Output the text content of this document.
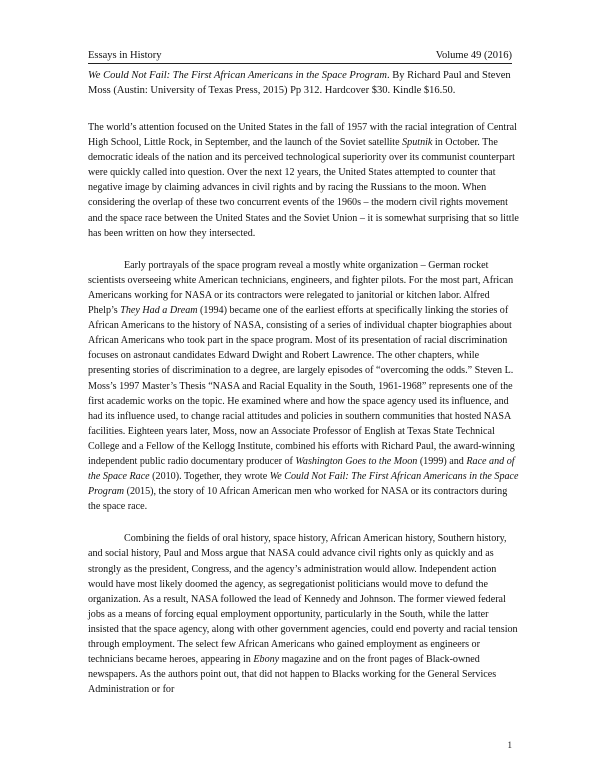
Essays in History	Volume 49 (2016)
We Could Not Fail: The First African Americans in the Space Program. By Richard Paul and Steven Moss (Austin: University of Texas Press, 2015) Pp 312. Hardcover $30. Kindle $16.50.

The world’s attention focused on the United States in the fall of 1957 with the racial integration of Central High School, Little Rock, in September, and the launch of the Soviet satellite Sputnik in October. The democratic ideals of the nation and its perceived technological superiority over its communist counterpart were quickly called into question. Over the next 12 years, the United States attempted to counter that negative image by claiming advances in civil rights and by racing the Russians to the moon. When considering the overlap of these two concurrent events of the 1960s – the modern civil rights movement and the space race between the United States and the Soviet Union – it is somewhat surprising that so little has been written on how they intersected.

Early portrayals of the space program reveal a mostly white organization – German rocket scientists overseeing white American technicians, engineers, and fighter pilots. For the most part, African Americans working for NASA or its contractors were relegated to janitorial or kitchen labor. Alfred Phelp’s They Had a Dream (1994) became one of the earliest efforts at specifically linking the stories of African Americans to the history of NASA, consisting of a series of individual chapter biographies about African Americans who took part in the space program. Most of its presentation of racial discrimination focuses on astronaut candidates Edward Dwight and Robert Lawrence. The other chapters, while presenting stories of discrimination to a degree, are largely episodes of “overcoming the odds.” Steven L. Moss’s 1997 Master’s Thesis “NASA and Racial Equality in the South, 1961-1968” represents one of the first academic works on the topic. He examined where and how the space agency used its influence, and had its influence used, to change racial attitudes and policies in southern communities that hosted NASA facilities. Eighteen years later, Moss, now an Associate Professor of English at Texas State Technical College and a Fellow of the Kellogg Institute, combined his efforts with Richard Paul, the award-winning independent public radio documentary producer of Washington Goes to the Moon (1999) and Race and of the Space Race (2010). Together, they wrote We Could Not Fail: The First African Americans in the Space Program (2015), the story of 10 African American men who worked for NASA or its contractors during the space race.

Combining the fields of oral history, space history, African American history, Southern history, and social history, Paul and Moss argue that NASA could advance civil rights only as quickly and as strongly as the president, Congress, and the agency’s administration would allow. Independent action would have most likely doomed the agency, as segregationist politicians would move to defund the organization. As a result, NASA followed the lead of Kennedy and Johnson. The former viewed federal jobs as a means of forcing equal employment opportunity, particularly in the South, while the latter insisted that the space agency, along with other government agencies, could end poverty and racial tension through employment. The select few African Americans who gained employment as engineers or technicians became heroes, appearing in Ebony magazine and on the front pages of Black-owned newspapers. As the authors point out, that did not happen to Blacks working for the General Services Administration or for

1
